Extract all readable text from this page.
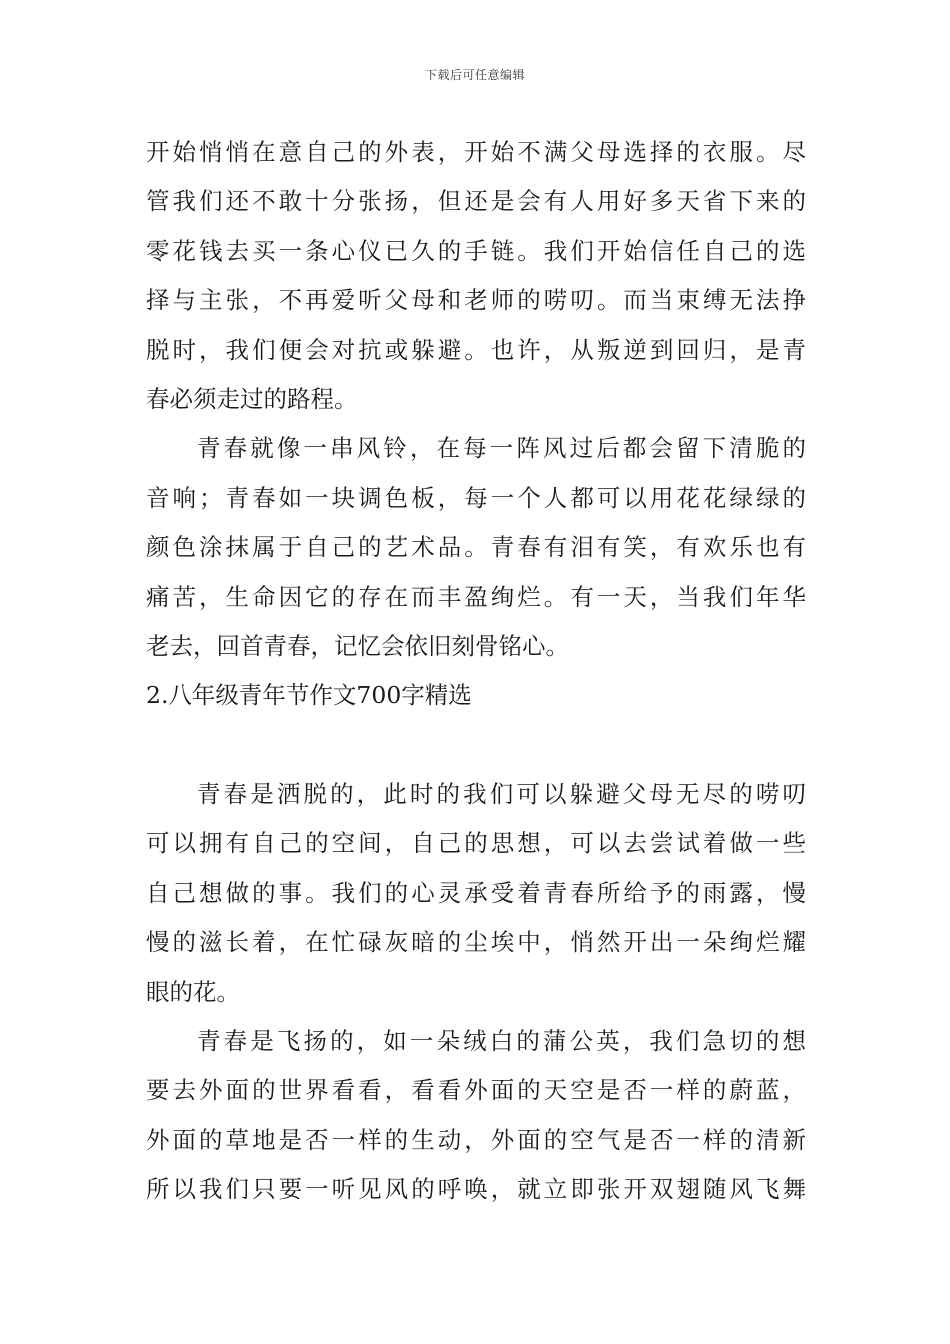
下载后可任意编辑
开始悄悄在意自己的外表，开始不满父母选择的衣服。尽
管我们还不敢十分张扬，但还是会有人用好多天省下来的
零花钱去买一条心仪已久的手链。我们开始信任自己的选
择与主张，不再爱听父母和老师的唠叨。而当束缚无法挣
脱时，我们便会对抗或躲避。也许，从叛逆到回归，是青
春必须走过的路程。
青春就像一串风铃，在每一阵风过后都会留下清脆的
音响；青春如一块调色板，每一个人都可以用花花绿绿的
颜色涂抹属于自己的艺术品。青春有泪有笑，有欢乐也有
痛苦，生命因它的存在而丰盈绚烂。有一天，当我们年华
老去，回首青春，记忆会依旧刻骨铭心。
2.八年级青年节作文700字精选
青春是洒脱的，此时的我们可以躲避父母无尽的唠叨
可以拥有自己的空间，自己的思想，可以去尝试着做一些
自己想做的事。我们的心灵承受着青春所给予的雨露，慢
慢的滋长着，在忙碌灰暗的尘埃中，悄然开出一朵绚烂耀
眼的花。
青春是飞扬的，如一朵绒白的蒲公英，我们急切的想
要去外面的世界看看，看看外面的天空是否一样的蔚蓝，
外面的草地是否一样的生动，外面的空气是否一样的清新
所以我们只要一听见风的呼唤，就立即张开双翅随风飞舞
